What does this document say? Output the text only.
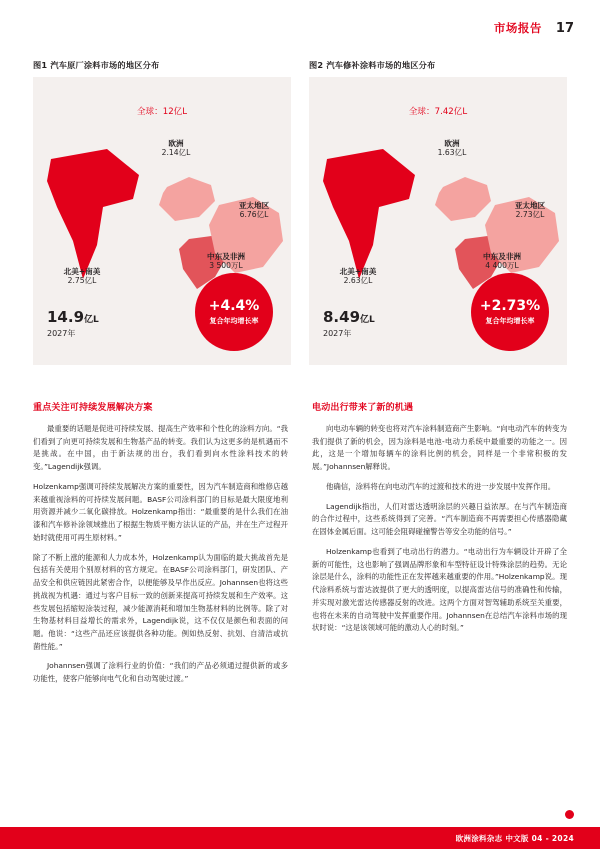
市场报告 17
图1 汽车原厂涂料市场的地区分布
全球：12亿L
欧洲
2.14亿L
亚太地区
6.76亿L
中东及非洲
3 500万L
北美+南美
2.75亿L
14.9亿L
2027年
+4.4%
复合年均增长率
图2 汽车修补涂料市场的地区分布
全球：7.42亿L
欧洲
1.63亿L
亚太地区
2.73亿L
中东及非洲
4 400万L
北美+南美
2.63亿L
8.49亿L
2027年
+2.73%
复合年均增长率
重点关注可持续发展解决方案

最重要的话题是促进可持续发展、提高生产效率和个性化的涂料方向。“我们看到了向更可持续发展和生物基产品的转变。我们认为这更多的是机遇而不是挑战。在中国，由于新法规的出台，我们看到向水性涂料技术的转变。”Lagendijk强调。

Holzenkamp强调可持续发展解决方案的重要性，因为汽车制造商和维修店越来越重视涂料的可持续发展问题。BASF公司涂料部门的目标是最大限度地利用资源并减少二氧化碳排放。Holzenkamp指出：“最重要的是什么我们在油漆和汽车修补涂领域推出了根据生物质平衡方法认证的产品，并在生产过程开始时就使用可再生原材料。”

除了不断上涨的能源和人力成本外，Holzenkamp认为面临的最大挑战首先是包括有关使用个别原材料的官方规定。在BASF公司涂料部门，研发团队、产品安全和供应链因此紧密合作，以便能够及早作出反应。Johannsen也将这些挑战视为机遇：通过与客户目标一致的创新来提高可持续发展和生产效率。这些发展包括缩短涂装过程，减少能源消耗和增加生物基材料的比例等。除了对生物基材料目益增长的需求外，Lagendijk说，这不仅仅是颜色和表面的问题。他说：“这些产品还应该提供各种功能。例如热反射、抗划、自清洁或抗菌性能。”

Johannsen强调了涂料行业的价值：“我们的产品必须通过提供新的或多功能性，使客户能够向电气化和自动驾驶过渡。”

电动出行带来了新的机遇

向电动车辆的转变也将对汽车涂料制造商产生影响。“向电动汽车的转变为我们提供了新的机会，因为涂料是电池-电动力系统中最重要的功能之一。因此，这是一个增加每辆车的涂料比例的机会，同样是一个非常积极的发展。”Johannsen解释说。

他确信，涂料将在向电动汽车的过渡和技术的进一步发展中发挥作用。

Lagendijk指出，人们对雷达透明涂层的兴趣日益浓厚。在与汽车制造商的合作过程中，这些系统得到了完善。“汽车制造商不再需要担心传感器隐藏在固体金属后面。这可能会阻碍碰撞警告等安全功能的信号。”

Holzenkamp也看到了电动出行的潜力。“电动出行为车辆设计开辟了全新的可能性，这也影响了强调品牌形象和车型特征设计特殊涂层的趋势。无论涂层是什么，涂料的功能性正在发挥越来越重要的作用。”Holzenkamp说。现代涂料系统与雷达波提供了更大的透明度，以提高雷达信号的准确性和传输，并实现对激光雷达传感器反射的改进。这两个方面对智驾辅助系统至关重要，也将在未来的自动驾驶中发挥重要作用。Johannsen在总结汽车涂料市场的现状时说：“这是该领域可能的激动人心的时刻。”

欧洲涂料杂志 中文版 04 - 2024
